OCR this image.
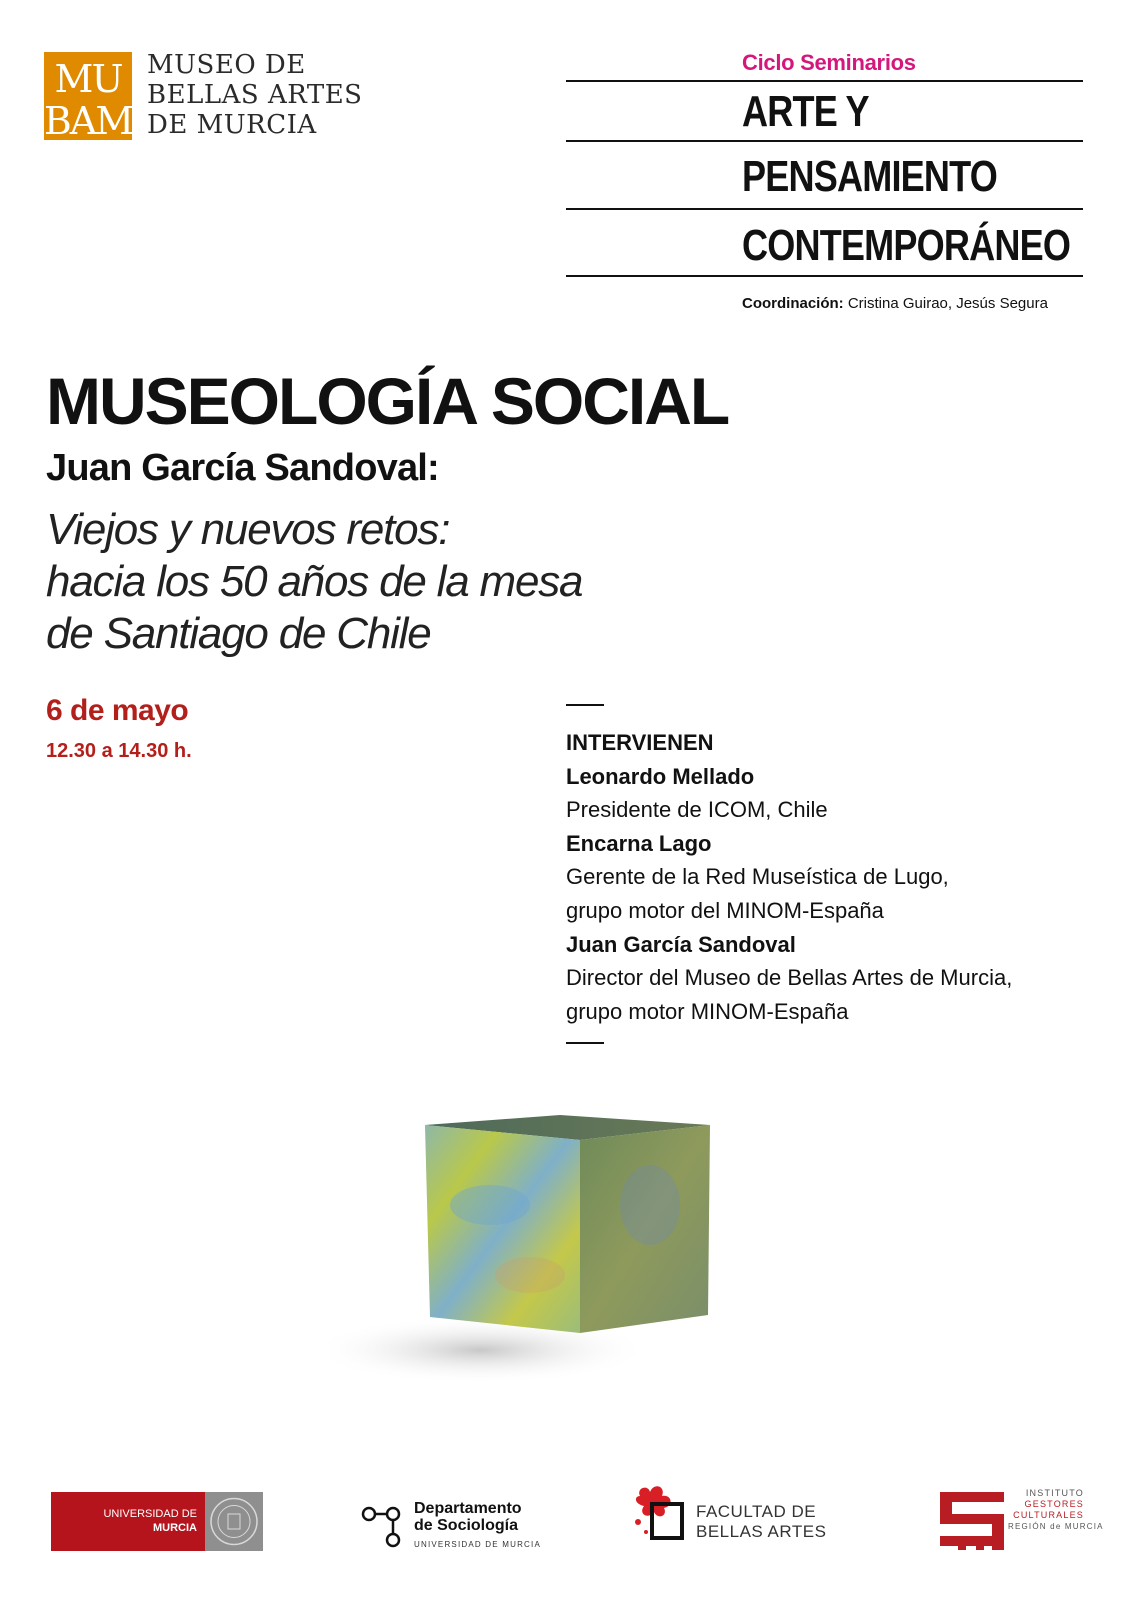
MU
BAM
MUSEO DE
BELLAS ARTES
DE MURCIA
Ciclo Seminarios
ARTE Y
PENSAMIENTO
CONTEMPORÁNEO
Coordinación: Cristina Guirao, Jesús Segura
MUSEOLOGÍA SOCIAL
Juan García Sandoval:
Viejos y nuevos retos:
hacia los 50 años de la mesa
de Santiago de Chile
6 de mayo
12.30 a 14.30 h.	INTERVIENEN
Leonardo Mellado
Presidente de ICOM, Chile
Encarna Lago
Gerente de la Red Museística de Lugo,
grupo motor del MINOM-España
Juan García Sandoval
Director del Museo de Bellas Artes de Murcia,
grupo motor MINOM-España
UNIVERSIDAD DE
MURCIA
Departamento
de Sociología
UNIVERSIDAD DE MURCIA
FACULTAD DE
BELLAS ARTES
INSTITUTO
GESTORES
CULTURALES
REGIÓN de MURCIA
